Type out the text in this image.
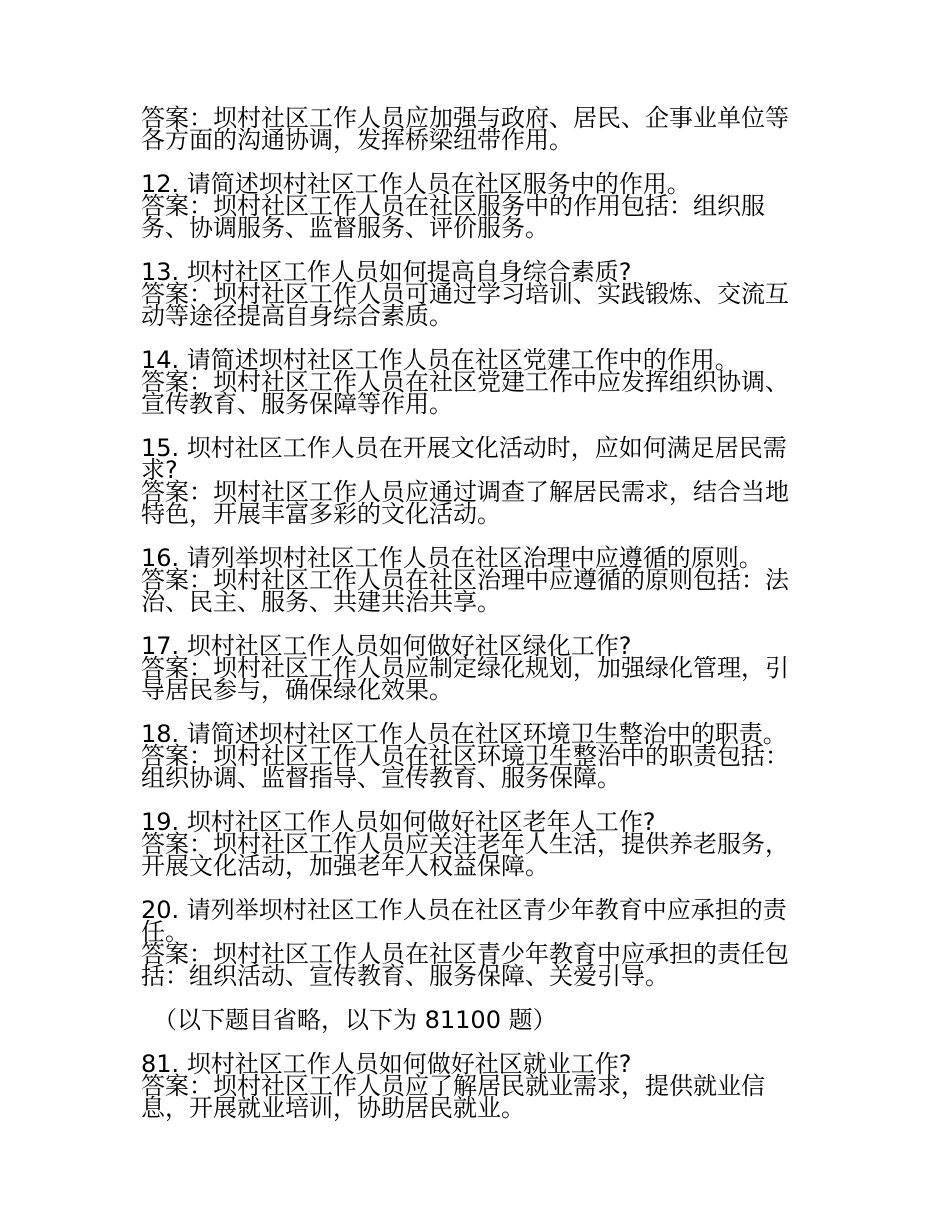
答案：坝村社区工作人员应加强与政府、居民、企事业单位等
各方面的沟通协调，发挥桥梁纽带作用。
12. 请简述坝村社区工作人员在社区服务中的作用。
答案：坝村社区工作人员在社区服务中的作用包括：组织服
务、协调服务、监督服务、评价服务。
13. 坝村社区工作人员如何提高自身综合素质?
答案：坝村社区工作人员可通过学习培训、实践锻炼、交流互
动等途径提高自身综合素质。
14. 请简述坝村社区工作人员在社区党建工作中的作用。
答案：坝村社区工作人员在社区党建工作中应发挥组织协调、
宣传教育、服务保障等作用。
15. 坝村社区工作人员在开展文化活动时，应如何满足居民需
求?
答案：坝村社区工作人员应通过调查了解居民需求，结合当地
特色，开展丰富多彩的文化活动。
16. 请列举坝村社区工作人员在社区治理中应遵循的原则。
答案：坝村社区工作人员在社区治理中应遵循的原则包括：法
治、民主、服务、共建共治共享。
17. 坝村社区工作人员如何做好社区绿化工作?
答案：坝村社区工作人员应制定绿化规划，加强绿化管理，引
导居民参与，确保绿化效果。
18. 请简述坝村社区工作人员在社区环境卫生整治中的职责。
答案：坝村社区工作人员在社区环境卫生整治中的职责包括：
组织协调、监督指导、宣传教育、服务保障。
19. 坝村社区工作人员如何做好社区老年人工作?
答案：坝村社区工作人员应关注老年人生活，提供养老服务，
开展文化活动，加强老年人权益保障。
20. 请列举坝村社区工作人员在社区青少年教育中应承担的责
任。
答案：坝村社区工作人员在社区青少年教育中应承担的责任包
括：组织活动、宣传教育、服务保障、关爱引导。
（以下题目省略，以下为 81100 题）
81. 坝村社区工作人员如何做好社区就业工作?
答案：坝村社区工作人员应了解居民就业需求，提供就业信
息，开展就业培训，协助居民就业。
